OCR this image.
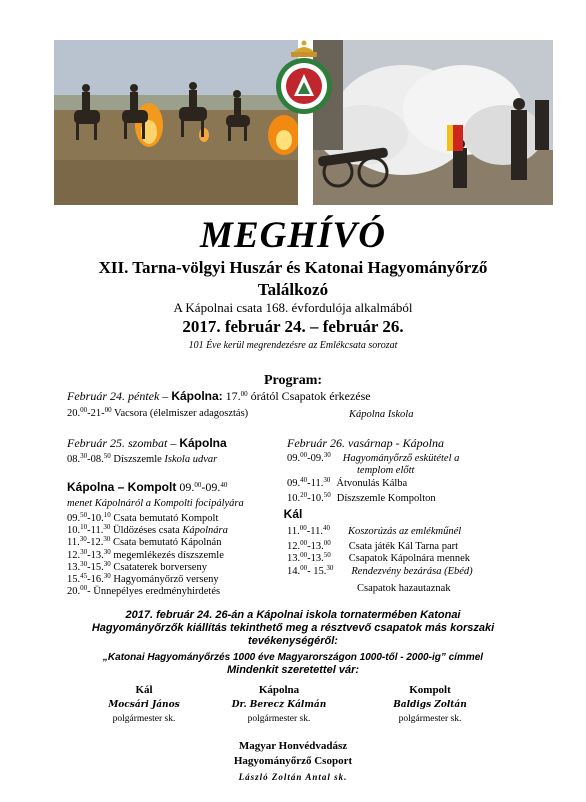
MEGHÍVÓ
XII. Tarna-völgyi Huszár és Katonai Hagyományőrző
Találkozó
A Kápolnai csata 168. évfordulója alkalmából
2017. február 24. – február 26.
101 Éve kerül megrendezésre az Emlékcsata sorozat
Program:
Február 24. péntek – Kápolna: 17.00 órától Csapatok érkezése
20.00-21-$^{00}$ Vacsora (élelmiszer adagosztás)	Kápolna Iskola
Február 25. szombat – Kápolna
08.30-08.50 Díszszemle Iskola udvar
Kápolna – Kompolt 09.00-09.40
menet Kápolnáról a Kompolti focipályára
09.50-10.10 Csata bemutató Kompolt
10.10-11.30 Üldözéses csata Kápolnára
11.30-12.30 Csata bemutató Kápolnán
12.30-13.30 megemlékezés díszszemle
13.30-15.30 Csataterek borverseny
15.45-16.30 Hagyományőrző verseny
20.00- Ünnepélyes eredményhirdetés
Február 26. vasárnap - Kápolna
09.00-09.30 Hagyományőrző eskütétel a
templom előtt
09.40-11.30 Átvonulás Kálba
10.20-10.50 Díszszemle Kompolton
Kál
11.00-11.40 Koszorúzás az emlékműnél
12.00-13.00 Csata játék Kál Tarna part
13.00-13.50 Csapatok Kápolnára mennek
14.00- 15.30 Rendezvény bezárása (Ebéd)
Csapatok hazautaznak
2017. február 24. 26-án a Kápolnai iskola tornatermében Katonai
Hagyományőrzők kiállítás tekinthető meg a résztvevő csapatok más korszaki
tevékenységéről:
„Katonai Hagyományőrzés 1000 éve Magyarországon 1000-től - 2000-ig” címmel
Mindenkit szeretettel vár:
Kál
Mocsári János
polgármester sk.
Kápolna
Dr. Berecz Kálmán
polgármester sk.
Kompolt
Baldigs Zoltán
polgármester sk.
Magyar Honvédvadász
Hagyományőrző Csoport
László Zoltán Antal sk.
